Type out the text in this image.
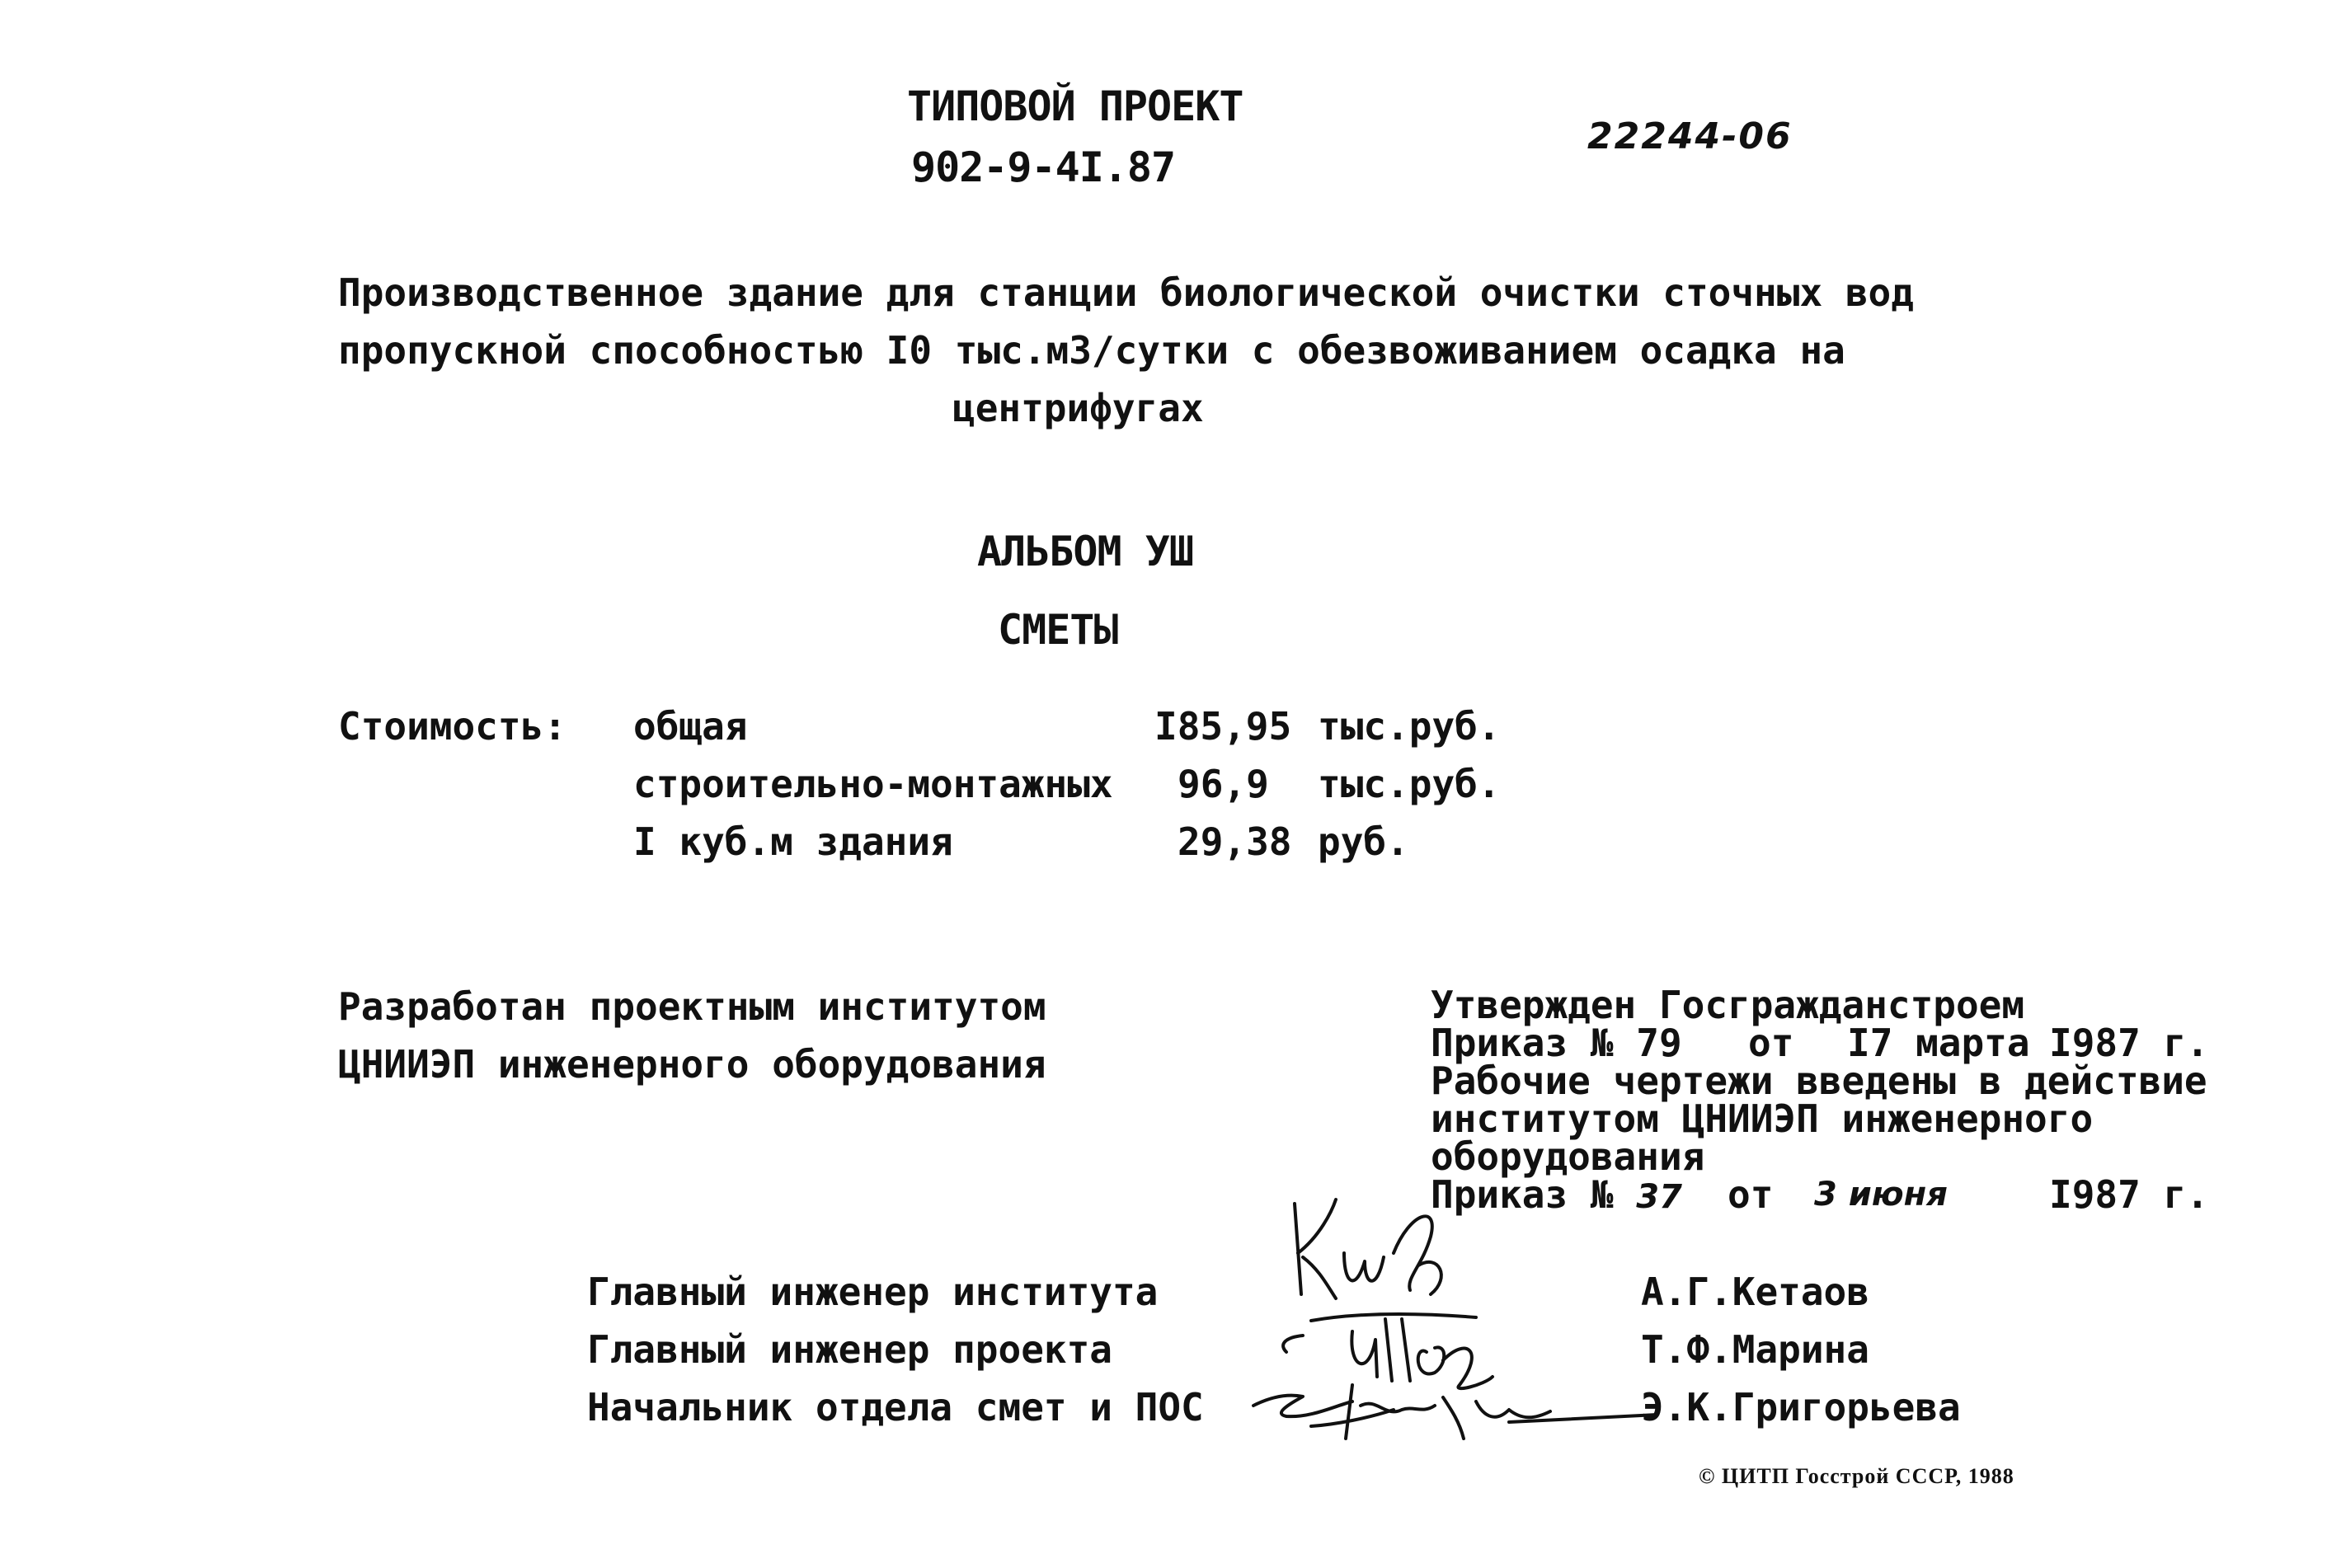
ТИПОВОЙ ПРОЕКТ
902-9-4I.87
22244-06
Производственное здание для станции биологической очистки сточных вод
пропускной способностью I0 тыс.м3/сутки с обезвоживанием осадка на
центрифугах
АЛЬБОМ УШ
СМЕТЫ
Стоимость: общая	I85,95 тыс.руб.
строительно-монтажных 96,9 тыс.руб.
I куб.м здания	29,38 руб.
Разработан проектным институтом
ЦНИИЭП инженерного оборудования
Утвержден Госгражданстроем
Приказ № 79 от I7 марта I987 г.
Рабочие чертежи введены в действие
институтом ЦНИИЭП инженерного
оборудования
Приказ № 37 от 3 июня	I987 г.
Главный инженер института	А.Г.Кетаов
Главный инженер проекта	Т.Ф.Марина
Начальник отдела смет и ПОС	Э.К.Григорьева
© ЦИТП Госстрой СССР, 1988
